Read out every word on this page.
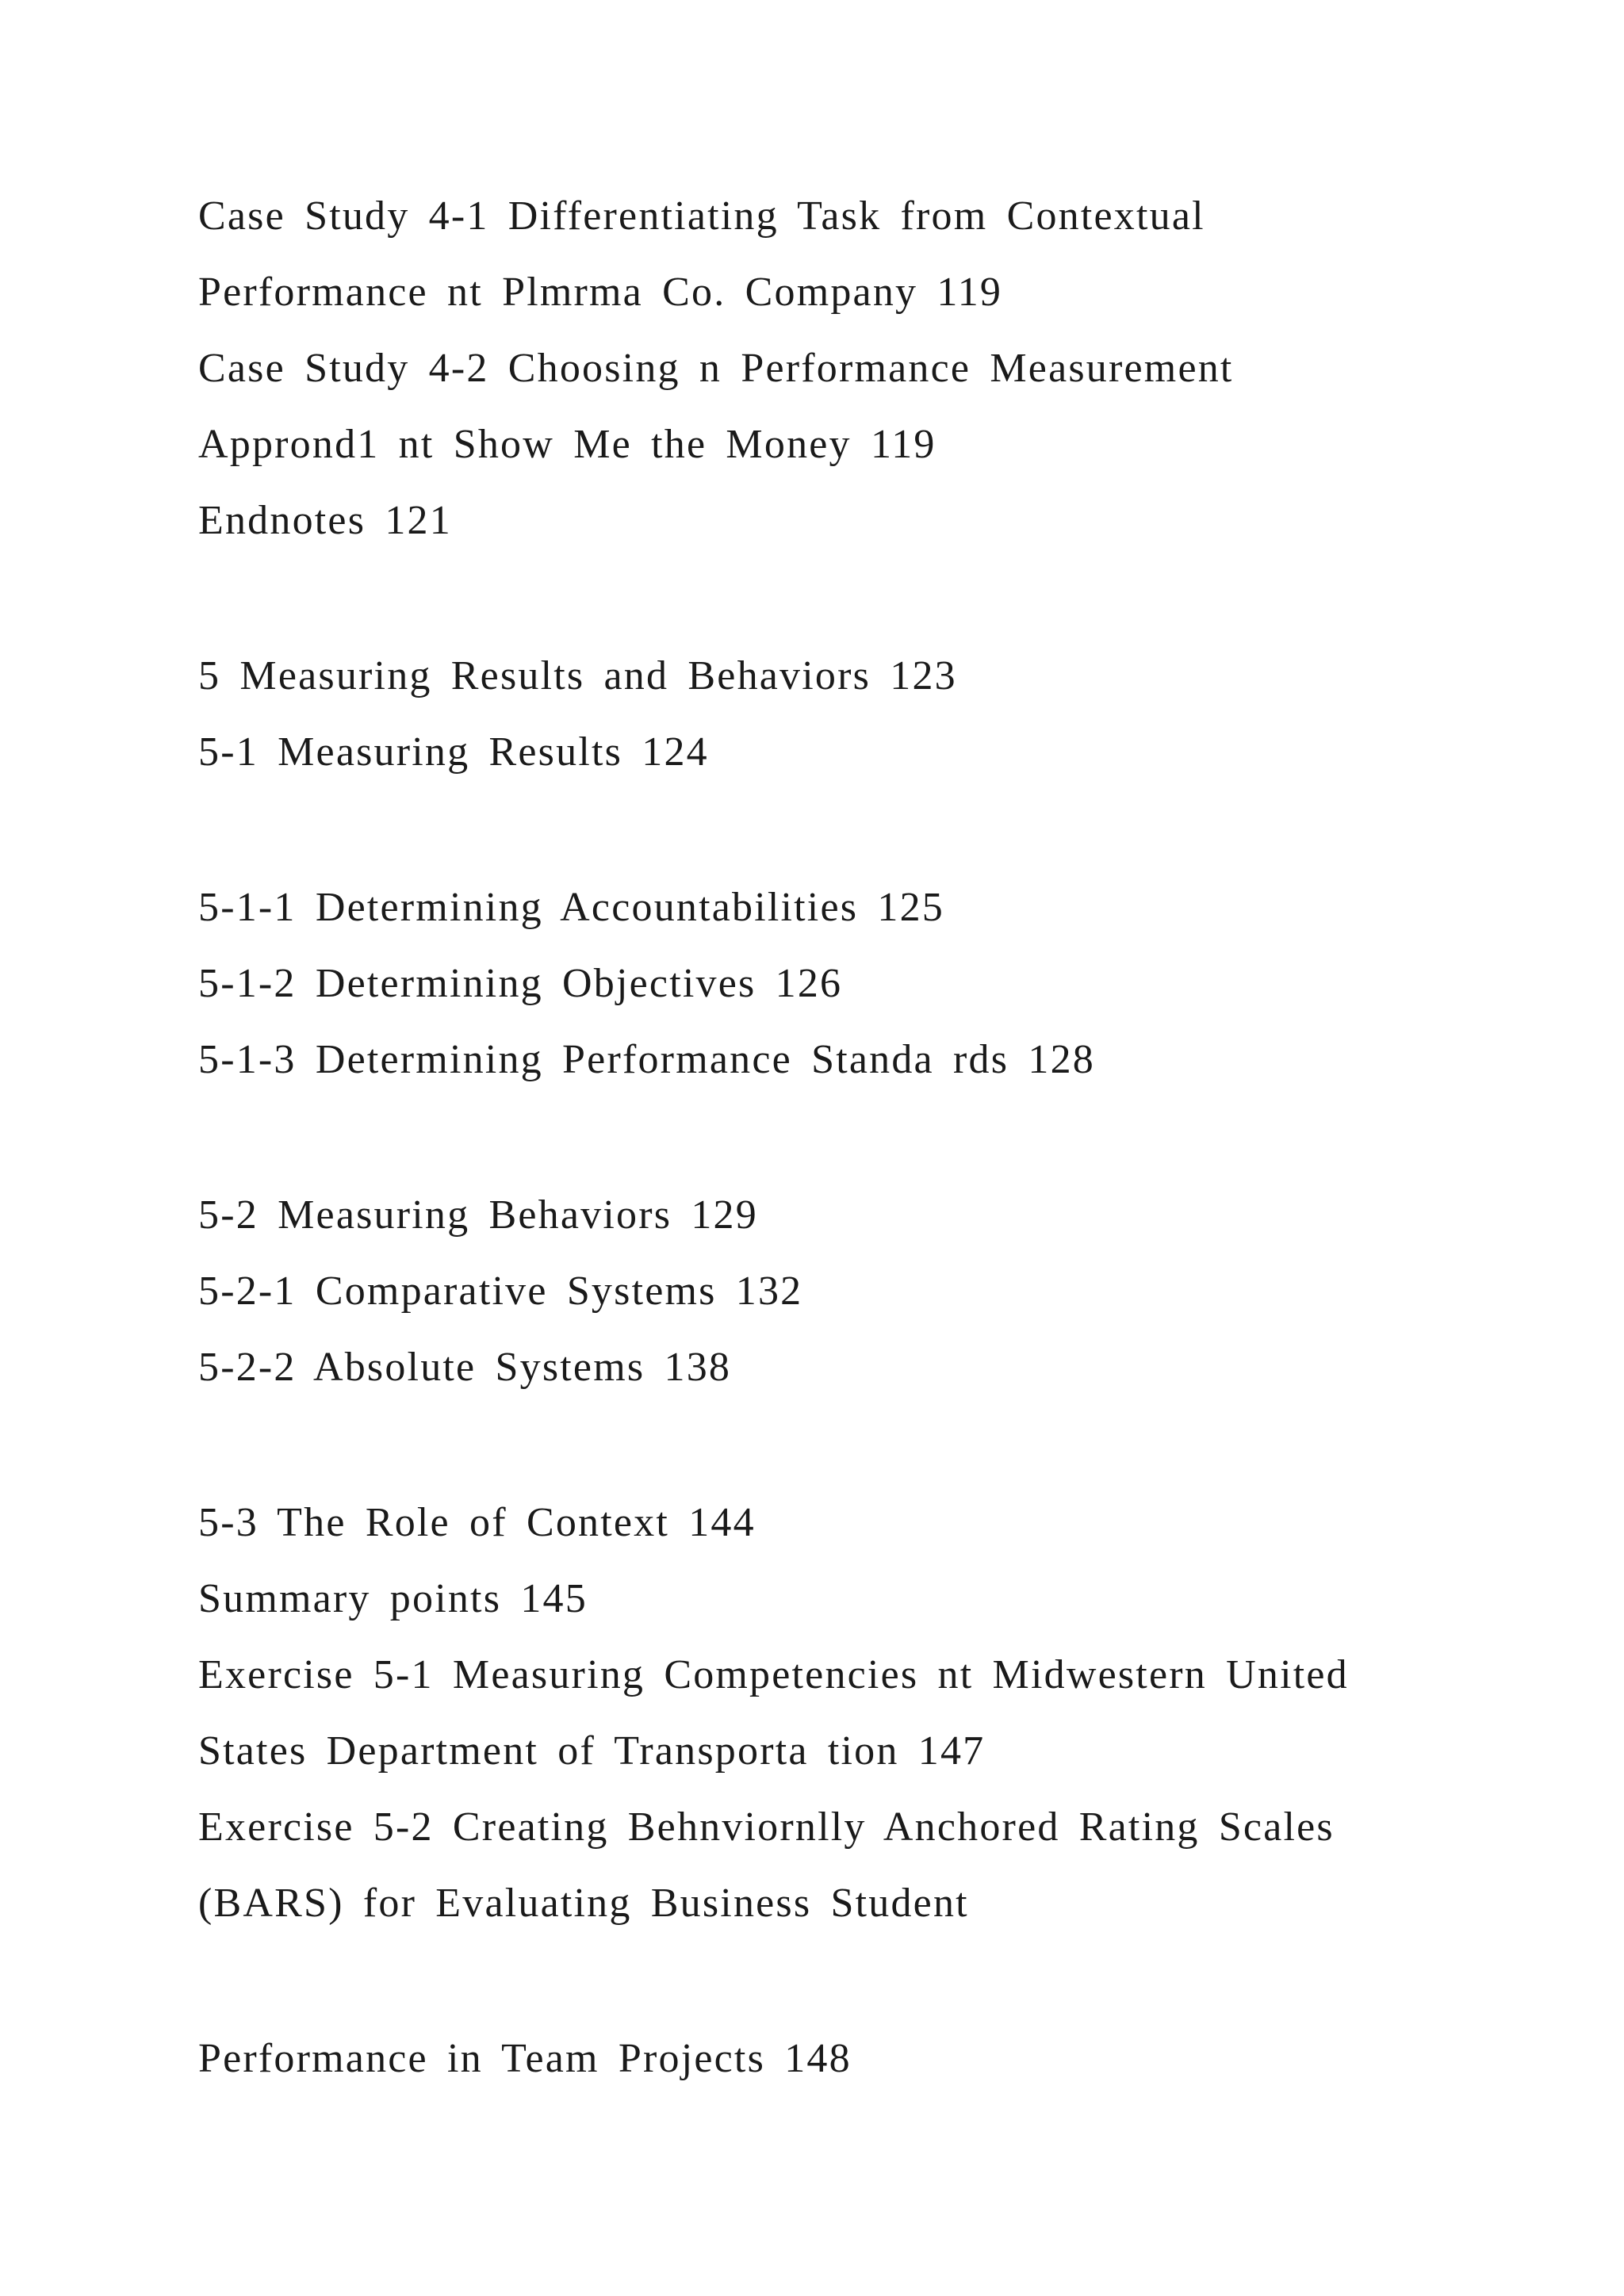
Case Study 4-1 Differentiating Task from Contextual
Performance nt Plmrma Co. Company 119
Case Study 4-2 Choosing n Performance Measurement
Apprond1 nt Show Me the Money 119
Endnotes 121
5 Measuring Results and Behaviors 123
5-1 Measuring Results 124
5-1-1 Determining Accountabilities 125
5-1-2 Determining Objectives 126
5-1-3 Determining Performance Standa rds 128
5-2 Measuring Behaviors 129
5-2-1 Comparative Systems 132
5-2-2 Absolute Systems 138
5-3 The Role of Context 144
Summary points 145
Exercise 5-1 Measuring Competencies nt Midwestern United
States Department of Transporta tion 147
Exercise 5-2 Creating Behnviornlly Anchored Rating Scales
(BARS) for Evaluating Business Student
Performance in Team Projects 148
